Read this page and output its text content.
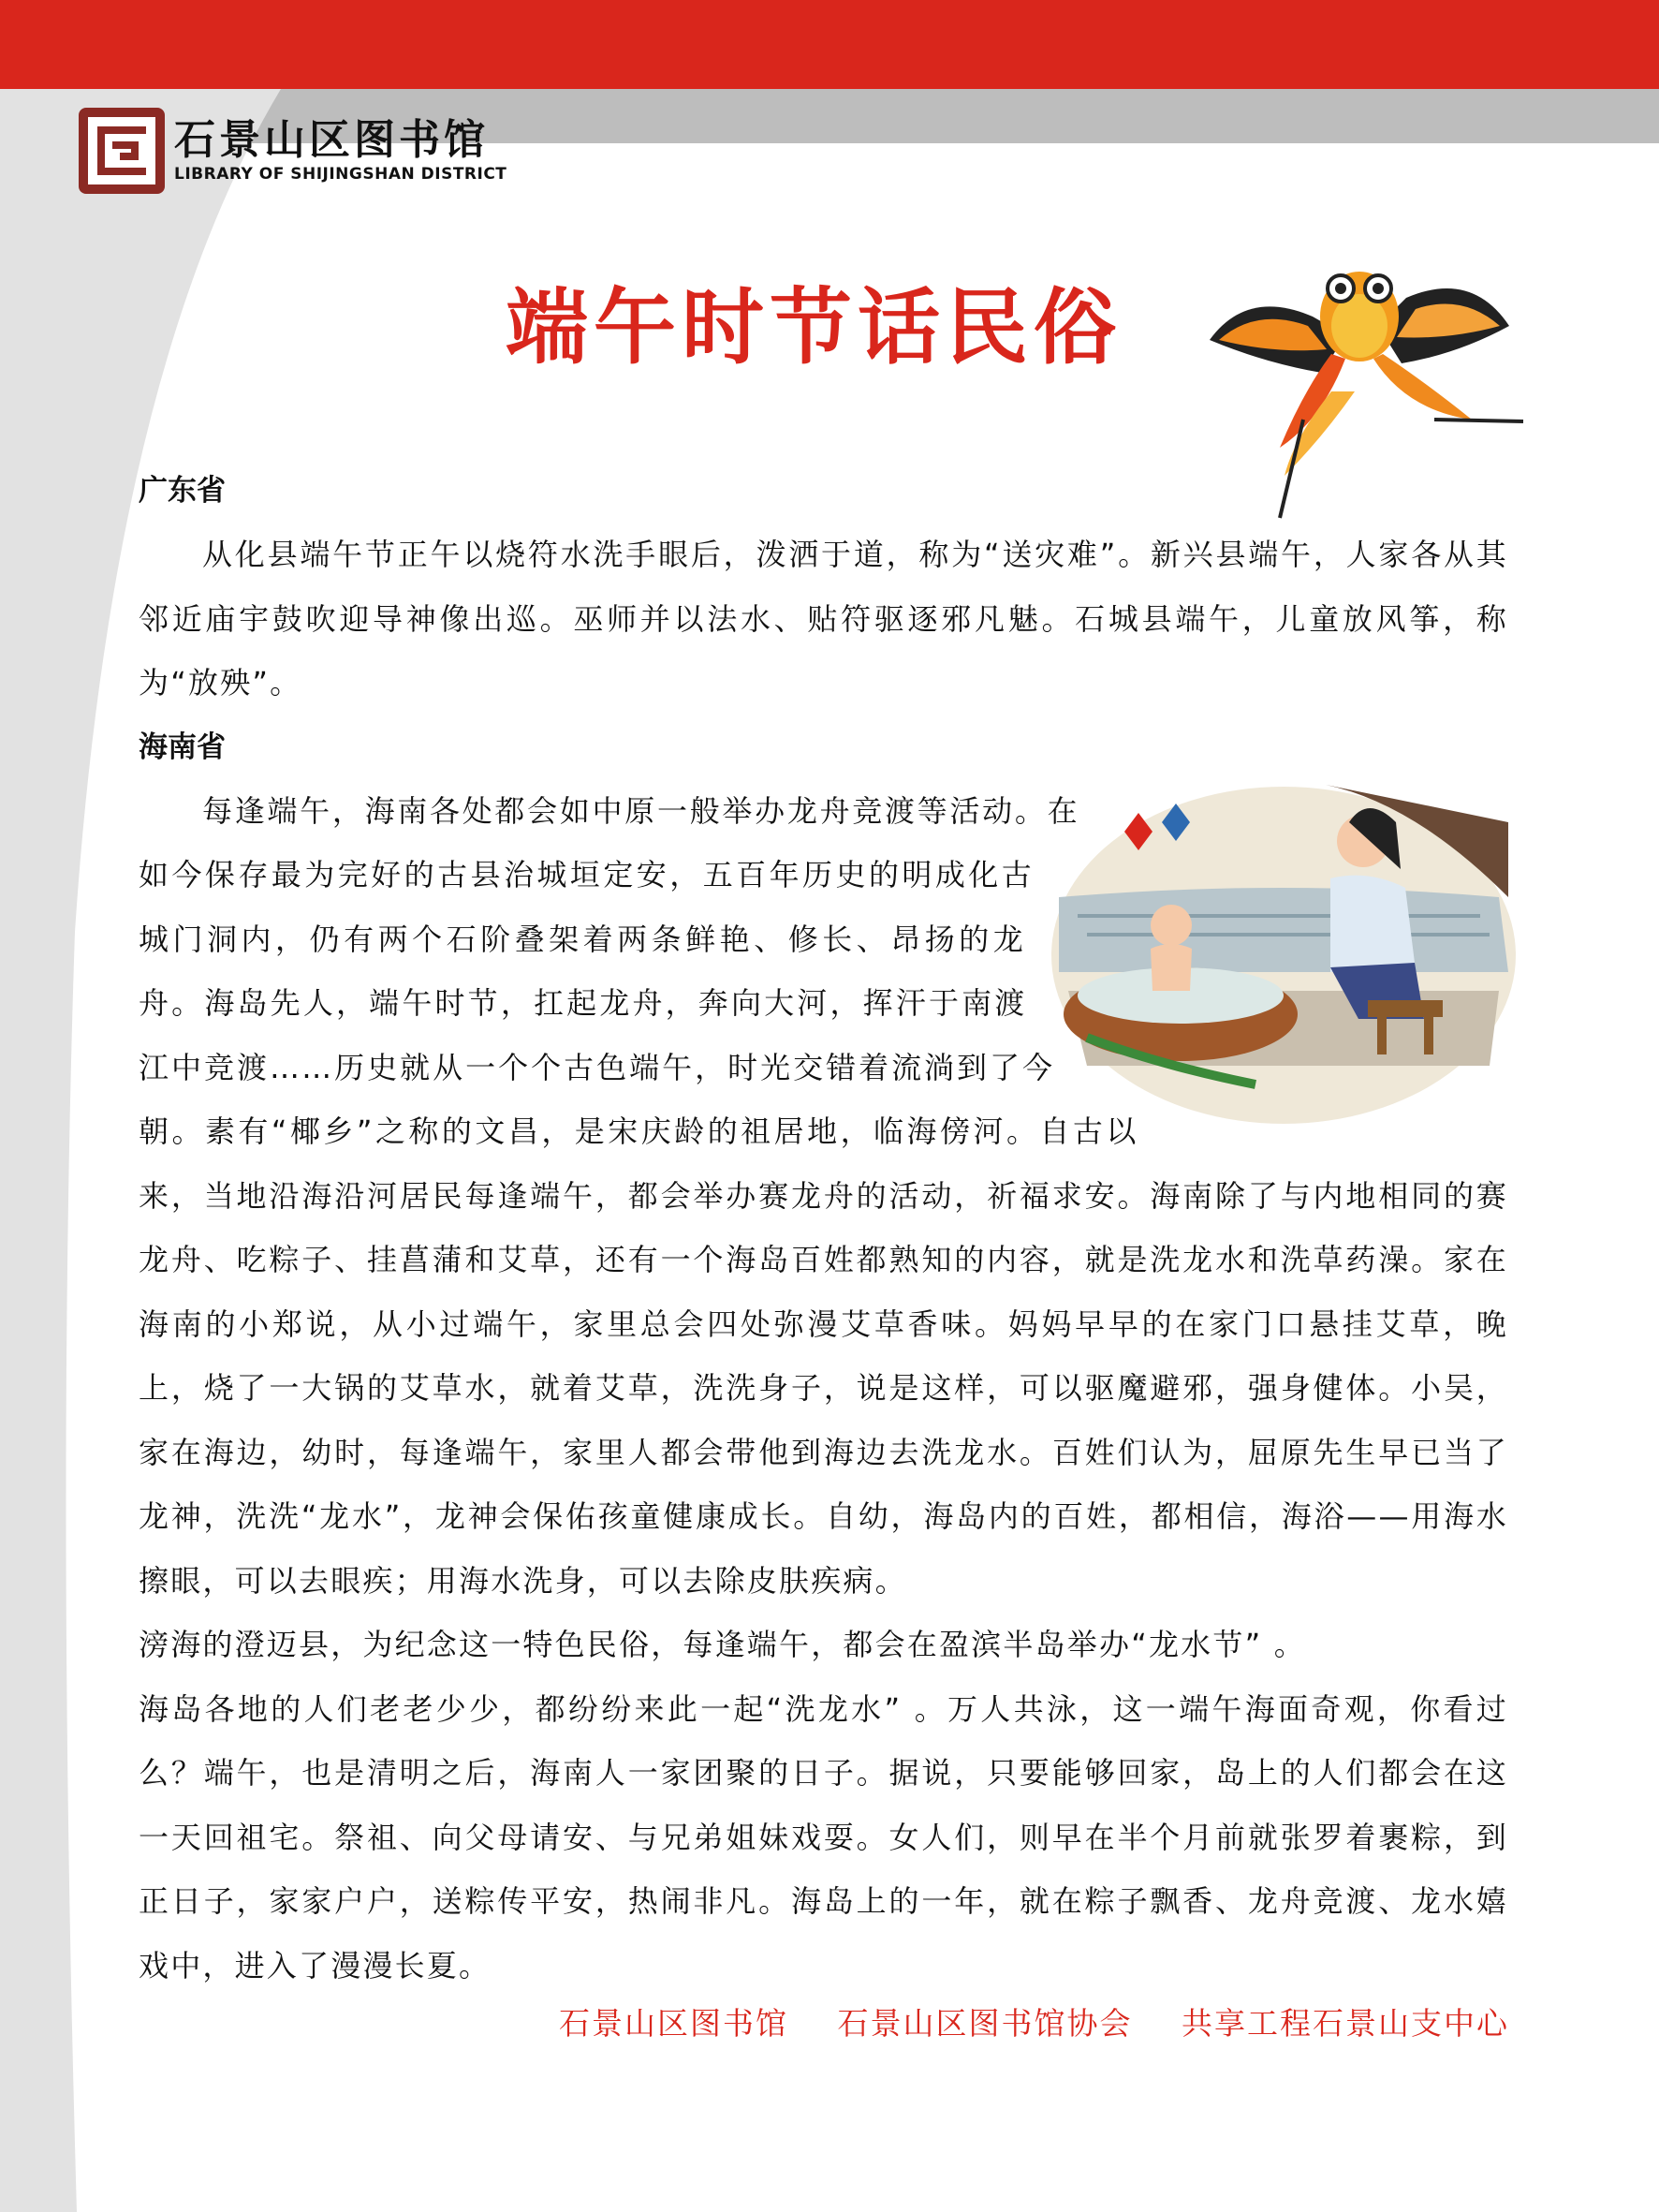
石景山区图书馆
LIBRARY OF SHIJINGSHAN DISTRICT
端午时节话民俗
广东省

从化县端午节正午以烧符水洗手眼后，泼洒于道，称为“送灾难”。新兴县端午，人家各从其邻近庙宇鼓吹迎导神像出巡。巫师并以法水、贴符驱逐邪凡魅。石城县端午，儿童放风筝，称为“放殃”。

海南省

每逢端午，海南各处都会如中原一般举办龙舟竞渡等活动。在如今保存最为完好的古县治城垣定安，五百年历史的明成化古城门洞内，仍有两个石阶叠架着两条鲜艳、修长、昂扬的龙舟。海岛先人，端午时节，扛起龙舟，奔向大河，挥汗于南渡江中竞渡……历史就从一个个古色端午，时光交错着流淌到了今朝。素有“椰乡”之称的文昌，是宋庆龄的祖居地，临海傍河。自古以来，当地沿海沿河居民每逢端午，都会举办赛龙舟的活动，祈福求安。海南除了与内地相同的赛龙舟、吃粽子、挂菖蒲和艾草，还有一个海岛百姓都熟知的内容，就是洗龙水和洗草药澡。家在海南的小郑说，从小过端午，家里总会四处弥漫艾草香味。妈妈早早的在家门口悬挂艾草，晚上，烧了一大锅的艾草水，就着艾草，洗洗身子，说是这样，可以驱魔避邪，强身健体。小吴，家在海边，幼时，每逢端午，家里人都会带他到海边去洗龙水。百姓们认为，屈原先生早已当了龙神，洗洗“龙水”，龙神会保佑孩童健康成长。自幼，海岛内的百姓，都相信，海浴——用海水擦眼，可以去眼疾；用海水洗身，可以去除皮肤疾病。

滂海的澄迈县，为纪念这一特色民俗，每逢端午，都会在盈滨半岛举办“龙水节” 。

海岛各地的人们老老少少，都纷纷来此一起“洗龙水” 。万人共泳，这一端午海面奇观，你看过么？端午，也是清明之后，海南人一家团聚的日子。据说，只要能够回家，岛上的人们都会在这一天回祖宅。祭祖、向父母请安、与兄弟姐妹戏耍。女人们，则早在半个月前就张罗着裹粽，到正日子，家家户户，送粽传平安，热闹非凡。海岛上的一年，就在粽子飘香、龙舟竞渡、龙水嬉戏中，进入了漫漫长夏。

石景山区图书馆 石景山区图书馆协会 共享工程石景山支中心
